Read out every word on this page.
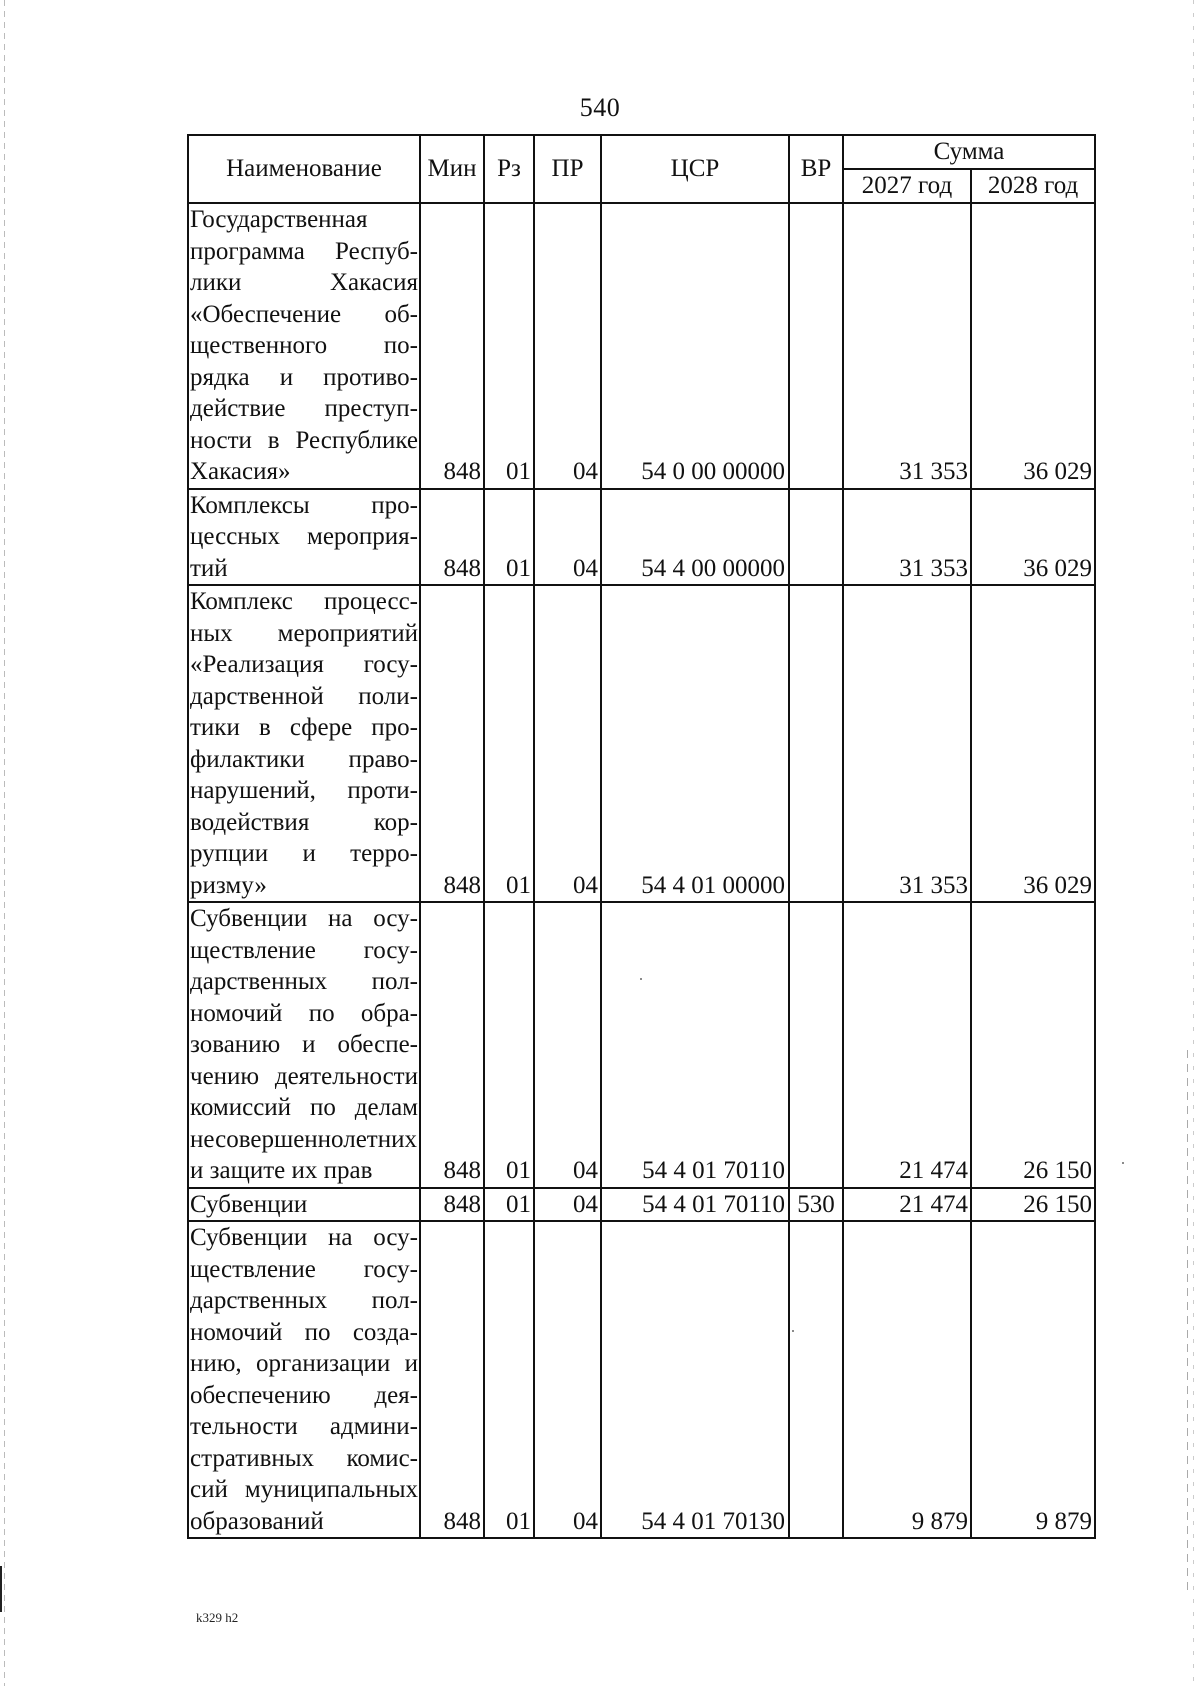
540
Наименование	Мин	Рз	ПР	ЦСР	ВР	Сумма	
						2027 год	2028 год
Государственная программа Республики Хакасия «Обеспечение общественного порядка и противодействие преступности в Республике Хакасия»	848	01	04	54 0 00 00000		31 353	36 029
Комплексы процессных мероприятий	848	01	04	54 4 00 00000		31 353	36 029
Комплекс процессных мероприятий «Реализация государственной политики в сфере профилактики правонарушений, противодействия коррупции и терроризму»	848	01	04	54 4 01 00000		31 353	36 029
Субвенции на осуществление государственных полномочий по образованию и обеспечению деятельности комиссий по делам несовершеннолетних и защите их прав	848	01	04	54 4 01 70110		21 474	26 150
Субвенции	848	01	04	54 4 01 70110	530	21 474	26 150
Субвенции на осуществление государственных полномочий по созданию, организации и обеспечению деятельности административных комиссий муниципальных образований	848	01	04	54 4 01 70130		9 879	9 879
k329 h2
